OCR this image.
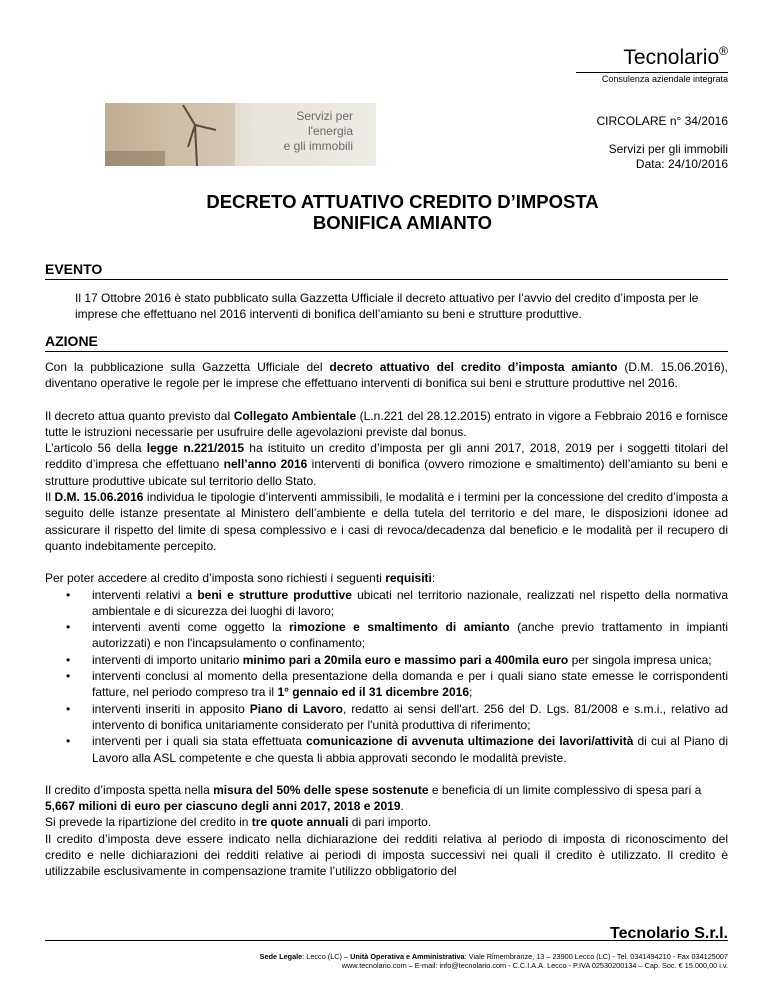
Tecnolario®
Consulenza aziendale integrata
Servizi per l'energia
e gli immobili
CIRCOLARE n° 34/2016
Servizi per gli immobili
Data: 24/10/2016
DECRETO ATTUATIVO CREDITO D’IMPOSTA
BONIFICA AMIANTO
EVENTO
Il 17 Ottobre 2016 è stato pubblicato sulla Gazzetta Ufficiale il decreto attuativo per l’avvio del credito d’imposta per le imprese che effettuano nel 2016 interventi di bonifica dell’amianto su beni e strutture produttive.
AZIONE

Con la pubblicazione sulla Gazzetta Ufficiale del decreto attuativo del credito d’imposta amianto (D.M. 15.06.2016), diventano operative le regole per le imprese che effettuano interventi di bonifica sui beni e strutture produttive nel 2016.

Il decreto attua quanto previsto dal Collegato Ambientale (L.n.221 del 28.12.2015) entrato in vigore a Febbraio 2016 e fornisce tutte le istruzioni necessarie per usufruire delle agevolazioni previste dal bonus.

L’articolo 56 della legge n.221/2015 ha istituito un credito d’imposta per gli anni 2017, 2018, 2019 per i soggetti titolari del reddito d’impresa che effettuano nell’anno 2016 interventi di bonifica (ovvero rimozione e smaltimento) dell’amianto su beni e strutture produttive ubicate sul territorio dello Stato.

Il D.M. 15.06.2016 individua le tipologie d’interventi ammissibili, le modalità e i termini per la concessione del credito d’imposta a seguito delle istanze presentate al Ministero dell’ambiente e della tutela del territorio e del mare, le disposizioni idonee ad assicurare il rispetto del limite di spesa complessivo e i casi di revoca/decadenza dal beneficio e le modalità per il recupero di quanto indebitamente percepito.

Per poter accedere al credito d’imposta sono richiesti i seguenti requisiti:

• interventi relativi a beni e strutture produttive ubicati nel territorio nazionale, realizzati nel rispetto della normativa ambientale e di sicurezza dei luoghi di lavoro;
• interventi aventi come oggetto la rimozione e smaltimento di amianto (anche previo trattamento in impianti autorizzati) e non l'incapsulamento o confinamento;
• interventi di importo unitario minimo pari a 20mila euro e massimo pari a 400mila euro per singola impresa unica;
• interventi conclusi al momento della presentazione della domanda e per i quali siano state emesse le corrispondenti fatture, nel periodo compreso tra il 1° gennaio ed il 31 dicembre 2016;
• interventi inseriti in apposito Piano di Lavoro, redatto ai sensi dell'art. 256 del D. Lgs. 81/2008 e s.m.i., relativo ad intervento di bonifica unitariamente considerato per l'unità produttiva di riferimento;
• interventi per i quali sia stata effettuata comunicazione di avvenuta ultimazione dei lavori/attività di cui al Piano di Lavoro alla ASL competente e che questa li abbia approvati secondo le modalità previste.

Il credito d’imposta spetta nella misura del 50% delle spese sostenute e beneficia di un limite complessivo di spesa pari a 5,667 milioni di euro per ciascuno degli anni 2017, 2018 e 2019.

Si prevede la ripartizione del credito in tre quote annuali di pari importo.

Il credito d’imposta deve essere indicato nella dichiarazione dei redditi relativa al periodo di imposta di riconoscimento del credito e nelle dichiarazioni dei redditi relative ai periodi di imposta successivi nei quali il credito è utilizzato. Il credito è utilizzabile esclusivamente in compensazione tramite l’utilizzo obbligatorio del

Tecnolario S.r.l.
Sede Legale: Lecco (LC) – Unità Operativa e Amministrativa: Viale Rimembranze, 13 – 23900 Lecco (LC) - Tel. 0341494210 - Fax 034125007
www.tecnolario.com – E-mail: info@tecnolario.com - C.C.I.A.A. Lecco - P.IVA 02530200134 – Cap. Soc. € 15.000,00 i.v.
